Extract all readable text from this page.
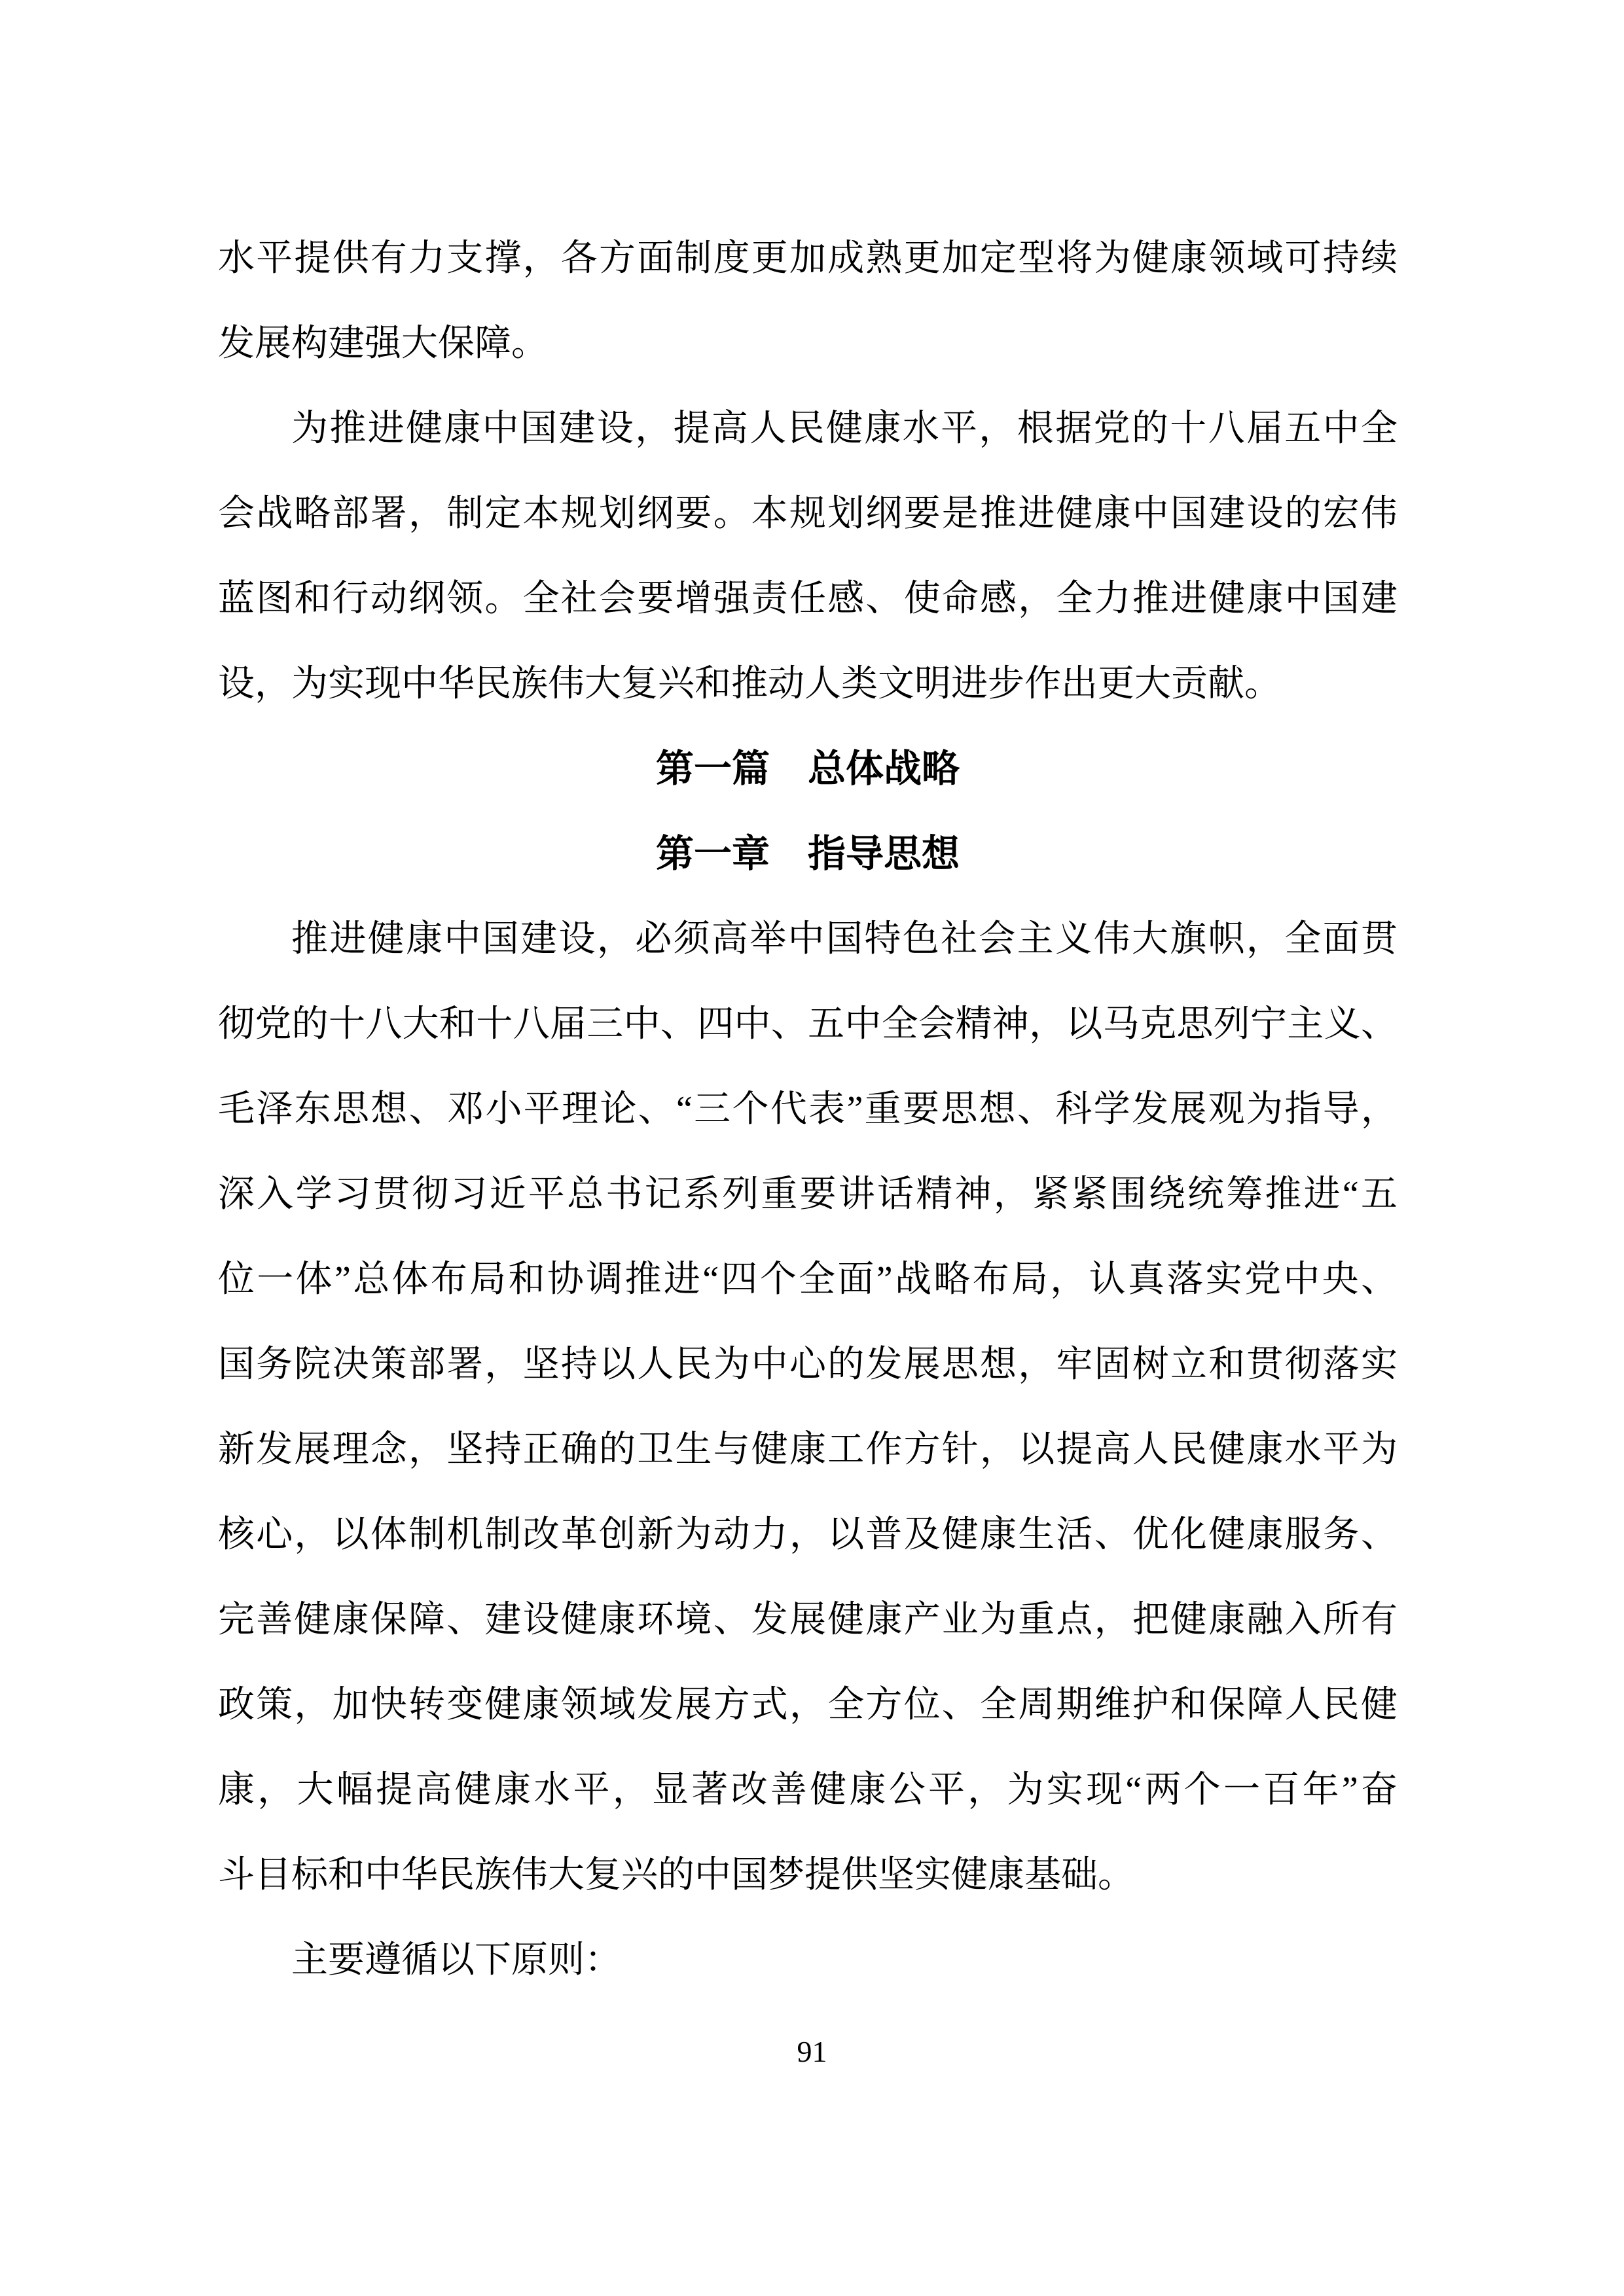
水平提供有力支撑，各方面制度更加成熟更加定型将为健康领域可持续
发展构建强大保障。
为推进健康中国建设，提高人民健康水平，根据党的十八届五中全
会战略部署，制定本规划纲要。本规划纲要是推进健康中国建设的宏伟
蓝图和行动纲领。全社会要增强责任感、使命感，全力推进健康中国建
设，为实现中华民族伟大复兴和推动人类文明进步作出更大贡献。
第一篇　总体战略
第一章　指导思想
推进健康中国建设，必须高举中国特色社会主义伟大旗帜，全面贯
彻党的十八大和十八届三中、四中、五中全会精神，以马克思列宁主义、
毛泽东思想、邓小平理论、“三个代表”重要思想、科学发展观为指导，
深入学习贯彻习近平总书记系列重要讲话精神，紧紧围绕统筹推进“五
位一体”总体布局和协调推进“四个全面”战略布局，认真落实党中央、
国务院决策部署，坚持以人民为中心的发展思想，牢固树立和贯彻落实
新发展理念，坚持正确的卫生与健康工作方针，以提高人民健康水平为
核心，以体制机制改革创新为动力，以普及健康生活、优化健康服务、
完善健康保障、建设健康环境、发展健康产业为重点，把健康融入所有
政策，加快转变健康领域发展方式，全方位、全周期维护和保障人民健
康，大幅提高健康水平，显著改善健康公平，为实现“两个一百年”奋
斗目标和中华民族伟大复兴的中国梦提供坚实健康基础。
主要遵循以下原则：
91
